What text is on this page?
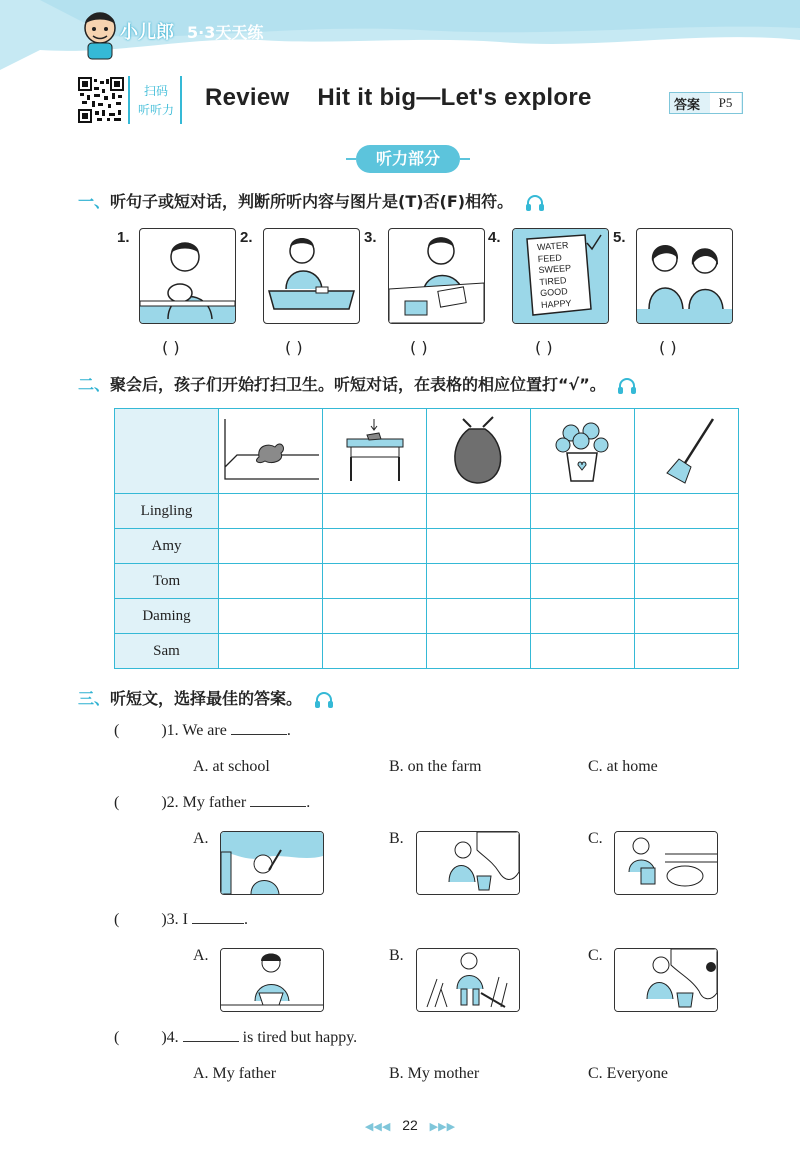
小儿郎 5·3天天练
扫码
听听力 Review    Hit it big—Let's explore	答案	P5
听力部分
一、听句子或短对话，判断所听内容与图片是(T)否(F)相符。
1.	2.	3.	4.
WATER
FEED
SWEEP
TIRED
GOOD
HAPPY
5.
( )	( )	( )	( )	( )
二、聚会后，孩子们开始打扫卫生。听短对话，在表格的相应位置打“√”。

Lingling					
Amy					
Tom					
Daming					
Sam					
三、听短文，选择最佳的答案。
(	)1. We are	.
A. at school	B. on the farm	C. at home
(	)2. My father	.
A.	B.	C.
(	)3. I	.
A.	B.	C.
(	)4.	is tired but happy.
A. My father	B. My mother	C. Everyone
◀◀◀ 22 ▶▶▶
